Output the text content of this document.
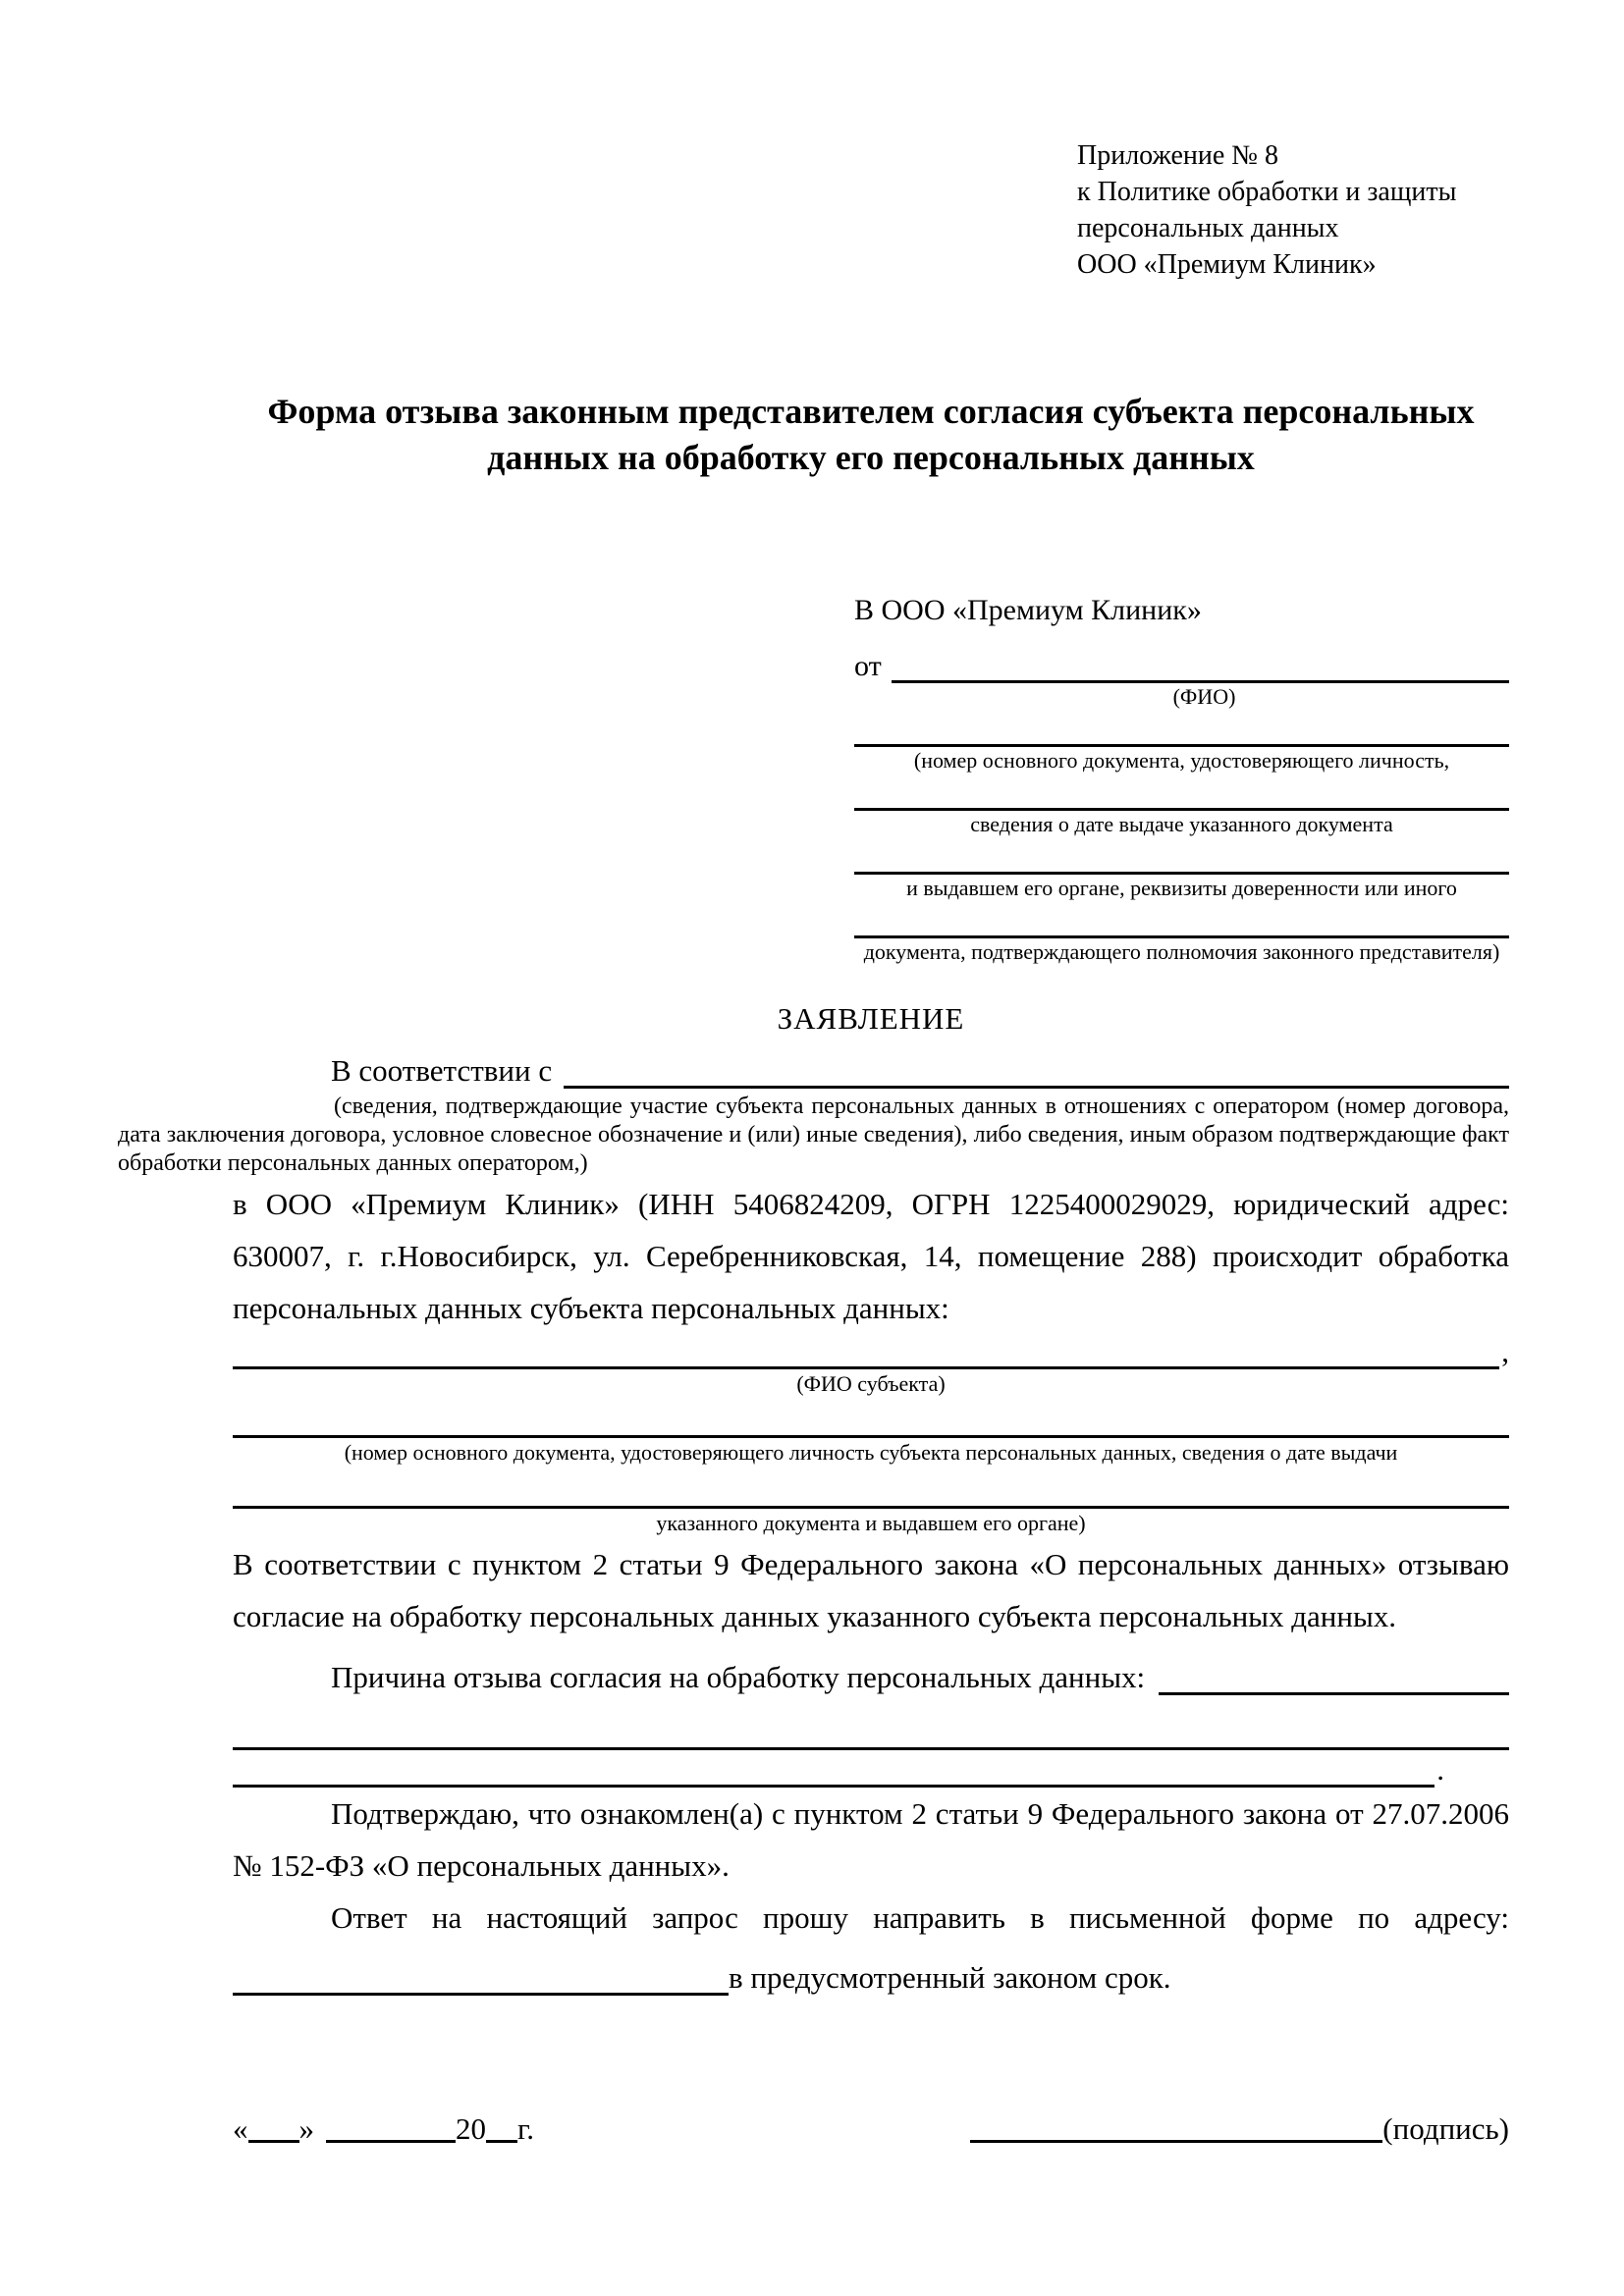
Приложение № 8
к Политике обработки и защиты
персональных данных
ООО «Премиум Клиник»
Форма отзыва законным представителем согласия субъекта персональных данных на обработку его персональных данных
В ООО «Премиум Клиник»
от
(ФИО)
(номер основного документа, удостоверяющего личность,
сведения о дате выдаче указанного документа
и выдавшем его органе, реквизиты доверенности или иного
документа, подтверждающего полномочия законного представителя)
ЗАЯВЛЕНИЕ
В соответствии с
(сведения, подтверждающие участие субъекта персональных данных в отношениях с оператором (номер договора, дата заключения договора, условное словесное обозначение и (или) иные сведения), либо сведения, иным образом подтверждающие факт обработки персональных данных оператором,)
в ООО «Премиум Клиник» (ИНН 5406824209, ОГРН 1225400029029, юридический адрес: 630007, г. г.Новосибирск, ул. Серебренниковская, 14, помещение 288) происходит обработка персональных данных субъекта персональных данных:
,
(ФИО субъекта)
(номер основного документа, удостоверяющего личность субъекта персональных данных, сведения о дате выдачи
указанного документа и выдавшем его органе)
В соответствии с пунктом 2 статьи 9 Федерального закона «О персональных данных» отзываю согласие на обработку персональных данных указанного субъекта персональных данных.
Причина отзыва согласия на обработку персональных данных:
.
Подтверждаю, что ознакомлен(а) с пунктом 2 статьи 9 Федерального закона от 27.07.2006 № 152-ФЗ «О персональных данных».
Ответ на настоящий запрос прошу направить в письменной форме по адресу:
в предусмотренный законом срок.
« »	20 г.	(подпись)
